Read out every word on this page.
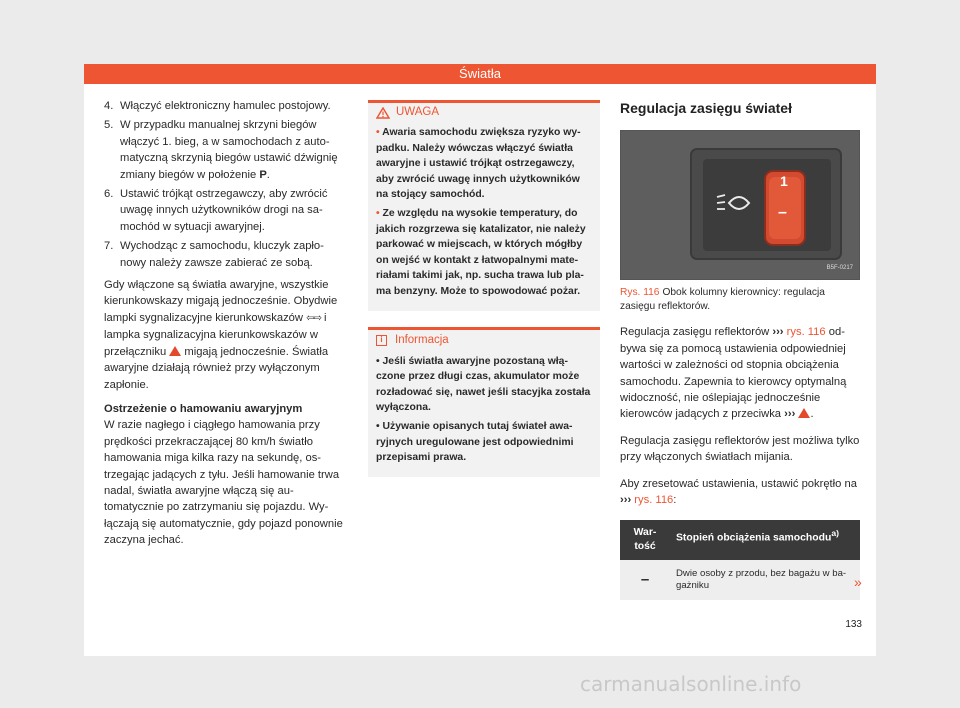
Światła
4. Włączyć elektroniczny hamulec postojowy.
5. W przypadku manualnej skrzyni biegów włączyć 1. bieg, a w samochodach z automatyczną skrzynią biegów ustawić dźwignię zmiany biegów w położenie P.
6. Ustawić trójkąt ostrzegawczy, aby zwrócić uwagę innych użytkowników drogi na samochód w sytuacji awaryjnej.
7. Wychodząc z samochodu, kluczyk zapłonowy należy zawsze zabierać ze sobą.

Gdy włączone są światła awaryjne, wszystkie kierunkowskazy migają jednocześnie. Obydwie lampki sygnalizacyjne kierunkowskazów ⇦⇨ i lampka sygnalizacyjna kierunkowskazów w przełączniku migają jednocześnie. Światła awaryjne działają również przy wyłączonym zapłonie.

Ostrzeżenie o hamowaniu awaryjnym

W razie nagłego i ciągłego hamowania przy prędkości przekraczającej 80 km/h światło hamowania miga kilka razy na sekundę, ostrzegając jadących z tyłu. Jeśli hamowanie trwa nadal, światła awaryjne włączą się automatycznie po zatrzymaniu się pojazdu. Wyłączają się automatycznie, gdy pojazd ponownie zaczyna jechać.

UWAGA

• Awaria samochodu zwiększa ryzyko wypadku. Należy wówczas włączyć światła awaryjne i ustawić trójkąt ostrzegawczy, aby zwrócić uwagę innych użytkowników na stojący samochód.

• Ze względu na wysokie temperatury, do jakich rozgrzewa się katalizator, nie należy parkować w miejscach, w których mógłby on wejść w kontakt z łatwopalnymi materiałami takimi jak, np. sucha trawa lub plama benzyny. Może to spowodować pożar.

i	Informacja

• Jeśli światła awaryjne pozostaną włączone przez długi czas, akumulator może rozładować się, nawet jeśli stacyjka została wyłączona.

• Używanie opisanych tutaj świateł awaryjnych uregulowane jest odpowiednimi przepisami prawa.

Regulacja zasięgu świateł
1
–
B5F-0217

Rys. 116 Obok kolumny kierownicy: regulacja zasięgu reflektorów.

Regulacja zasięgu reflektorów ››› rys. 116 odbywa się za pomocą ustawienia odpowiedniej wartości w zależności od stopnia obciążenia samochodu. Zapewnia to kierowcy optymalną widoczność, nie oślepiając jednocześnie kierowców jadących z przeciwka ››› .

Regulacja zasięgu reflektorów jest możliwa tylko przy włączonych światłach mijania.

Aby zresetować ustawienia, ustawić pokrętło na ››› rys. 116:

Wartość	Stopień obciążenia samochodu$^{a)}$
–	Dwie osoby z przodu, bez bagażu w bagażniku	»
133
carmanualsonline.info
